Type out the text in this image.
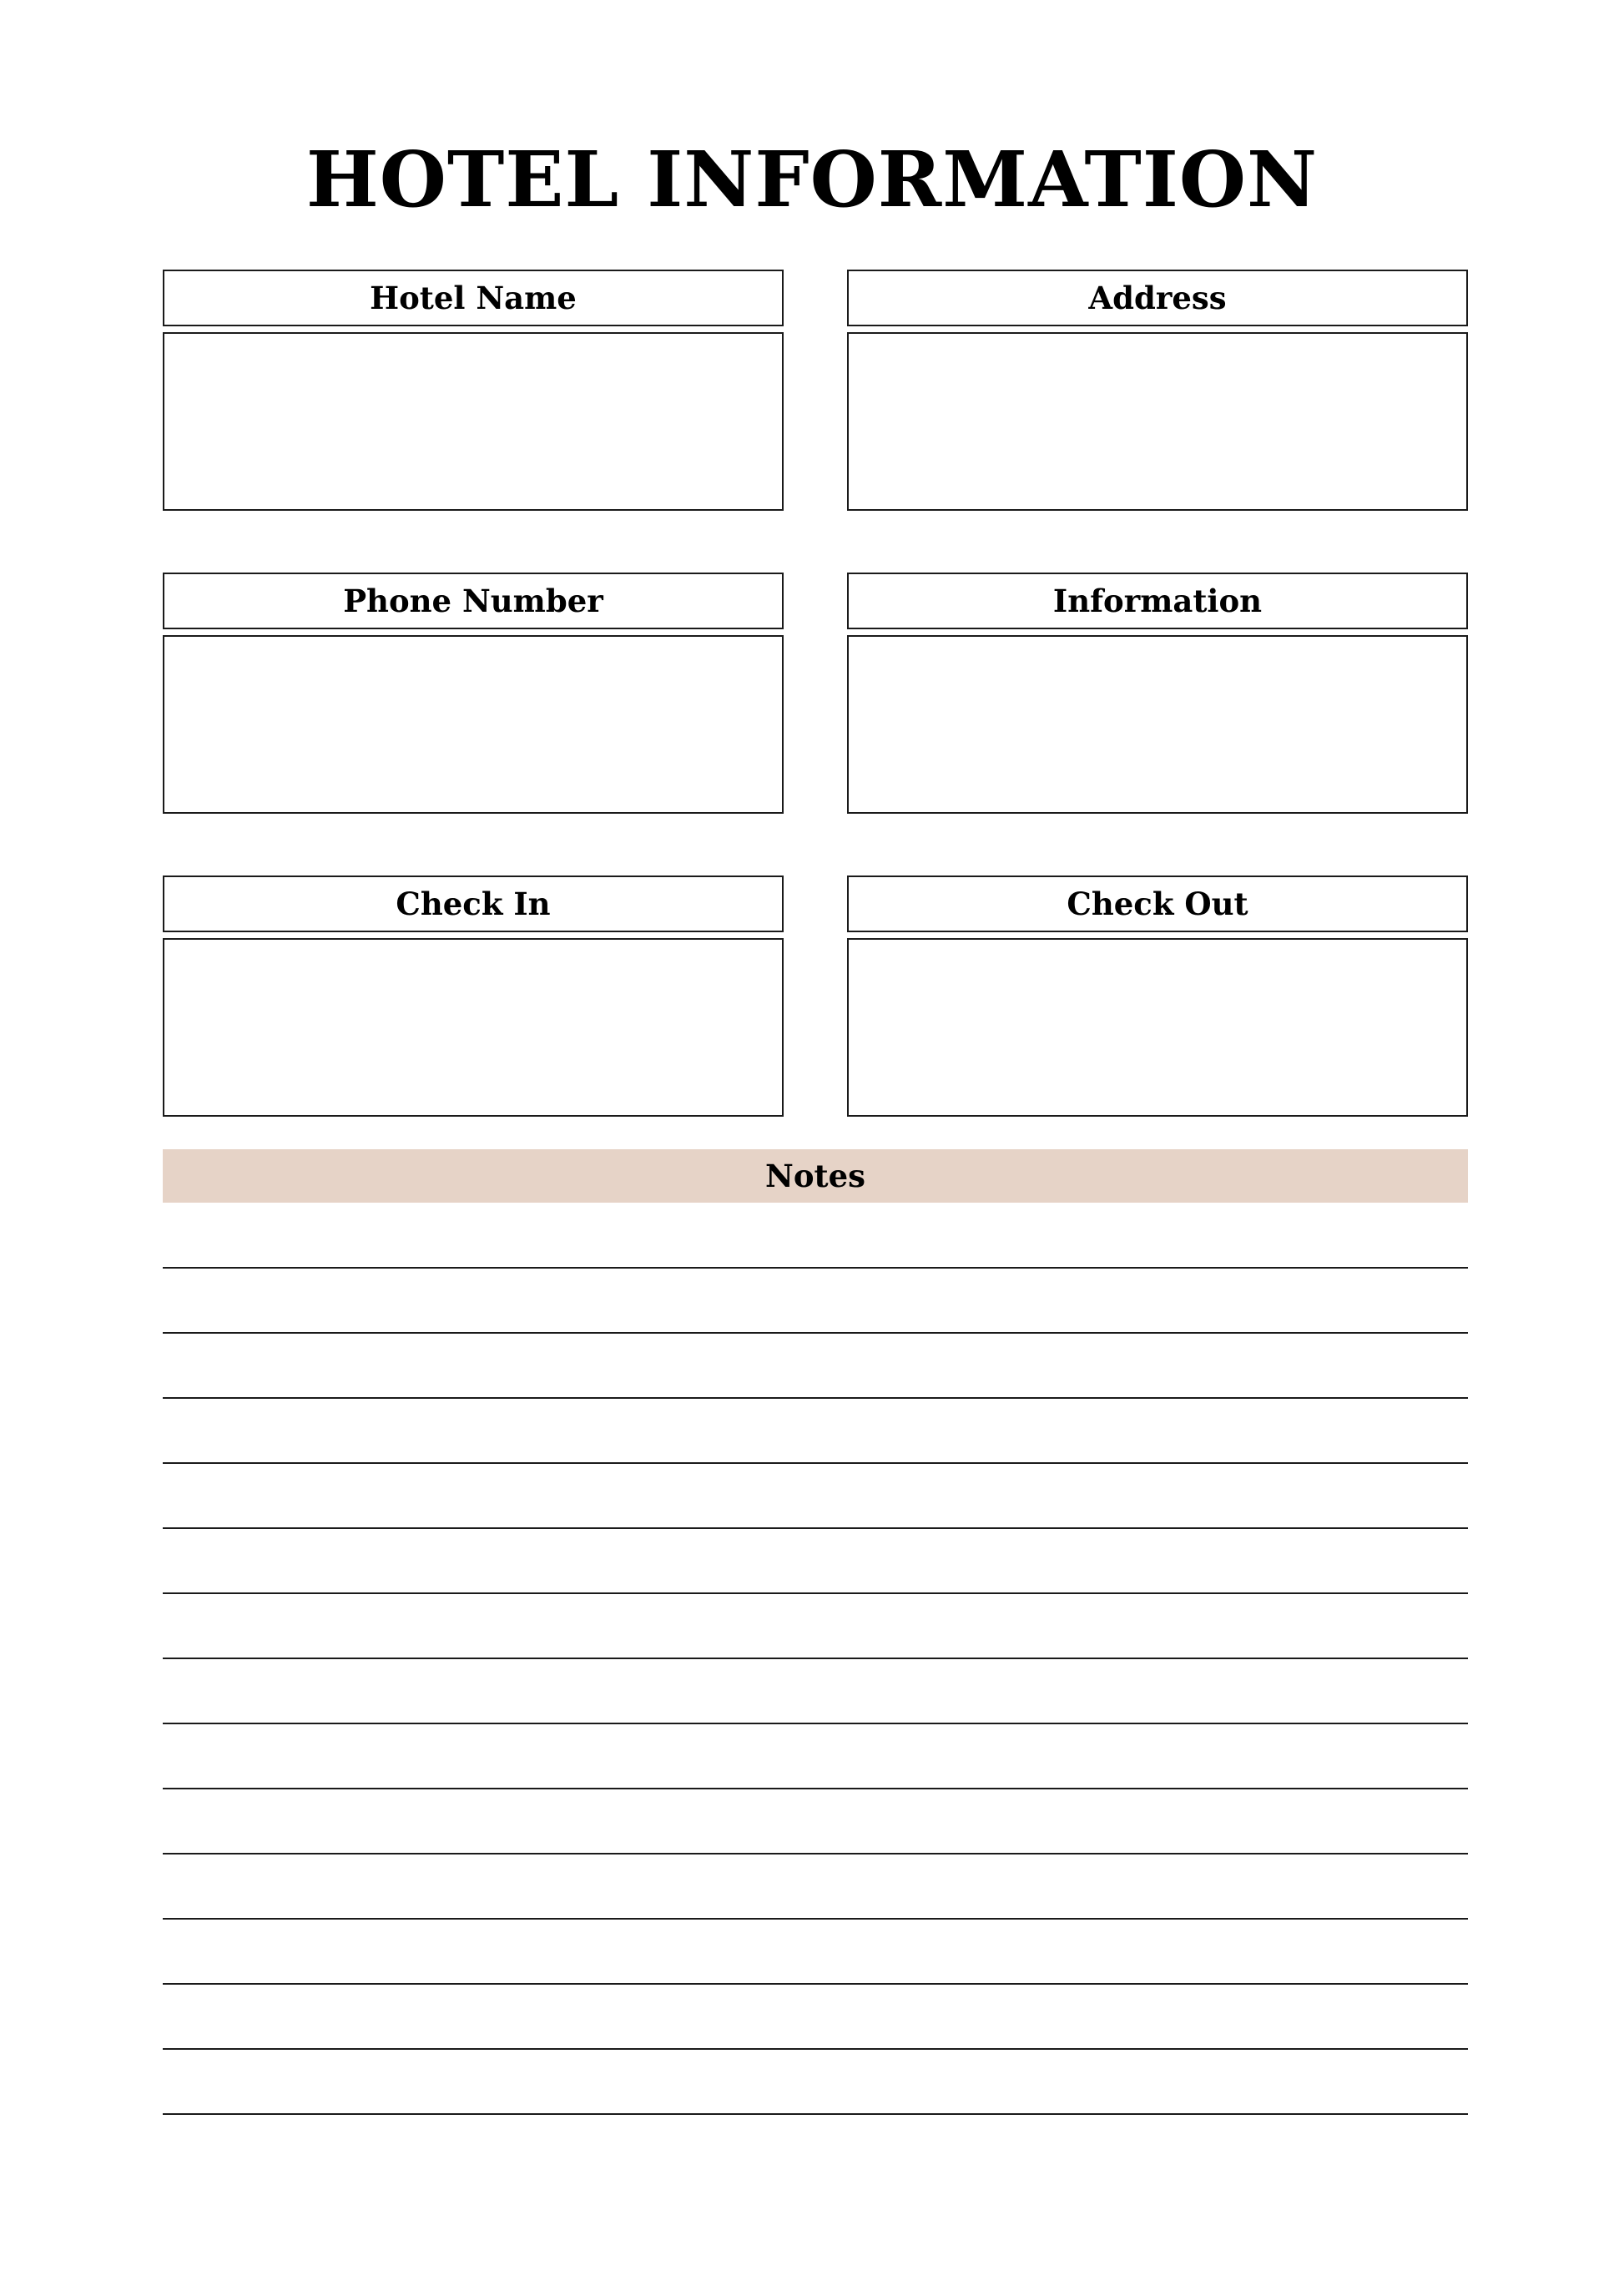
HOTEL INFORMATION
Hotel Name	Address
Phone Number	Information
Check In	Check Out
Notes
